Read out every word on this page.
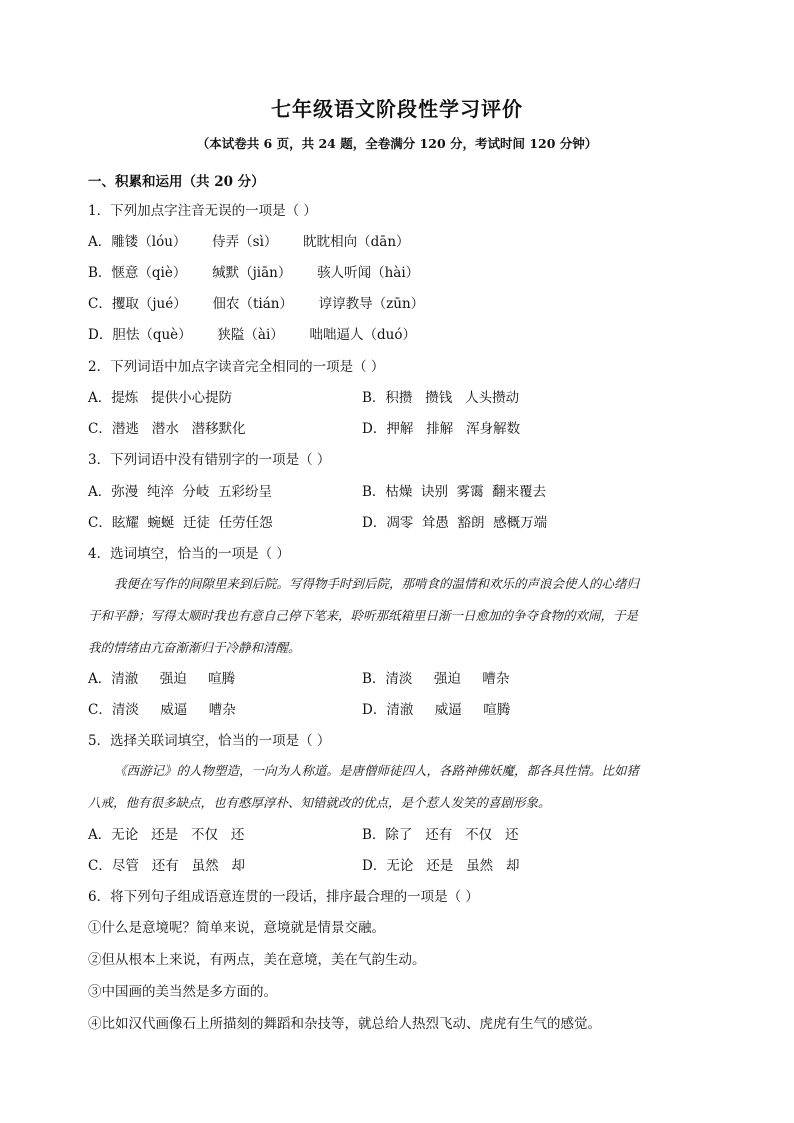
七年级语文阶段性学习评价
（本试卷共 6 页，共 24 题，全卷满分 120 分，考试时间 120 分钟）
一、积累和运用（共 20 分）
1．下列加点字注音无误的一项是（ ）
A．雕镂（lóu）      侍弄（sì）      眈眈相向（dān）
B．惬意（qiè）      缄默（jiān）      骇人听闻（hài）
C．攫取（jué）      佃农（tián）      谆谆教导（zūn）
D．胆怯（què）      狭隘（ài）      咄咄逼人（duó）
2．下列词语中加点字读音完全相同的一项是（ ）
A．提炼   提供小心提防	B．积攒   攒钱   人头攒动
C．潜逃   潜水   潜移默化	D．押解   排解   浑身解数
3．下列词语中没有错别字的一项是（ ）
A．弥漫  纯淬  分岐  五彩纷呈	B．枯燥  诀别  雾霭  翻来覆去
C．眩耀  蜿蜒  迁徒  任劳任怨	D．凋零  耸愚  豁朗  感概万端
4．选词填空，恰当的一项是（ ）
我便在写作的间隙里来到后院。写得物手时到后院，那啃食的温情和欢乐的声浪会使人的心绪归
于和平静；写得太顺时我也有意自己停下笔来，聆听那纸箱里日渐一日愈加的争夺食物的欢闹，于是
我的情绪由亢奋渐渐归于冷静和清醒。
A．清澈     强迫     喧腾	B．清淡     强迫     嘈杂
C．清淡     威逼     嘈杂	D．清澈     威逼     喧腾
5．选择关联词填空，恰当的一项是（ ）
《西游记》的人物塑造，一向为人称道。是唐僧师徒四人，各路神佛妖魔，都各具性情。比如猪
八戒，他有很多缺点，也有憨厚淳朴、知错就改的优点，是个惹人发笑的喜剧形象。
A．无论   还是   不仅   还	B．除了   还有   不仅   还
C．尽管   还有   虽然   却	D．无论   还是   虽然   却
6．将下列句子组成语意连贯的一段话，排序最合理的一项是（ ）
①什么是意境呢？简单来说，意境就是情景交融。
②但从根本上来说，有两点，美在意境，美在气韵生动。
③中国画的美当然是多方面的。
④比如汉代画像石上所描刻的舞蹈和杂技等，就总给人热烈飞动、虎虎有生气的感觉。
